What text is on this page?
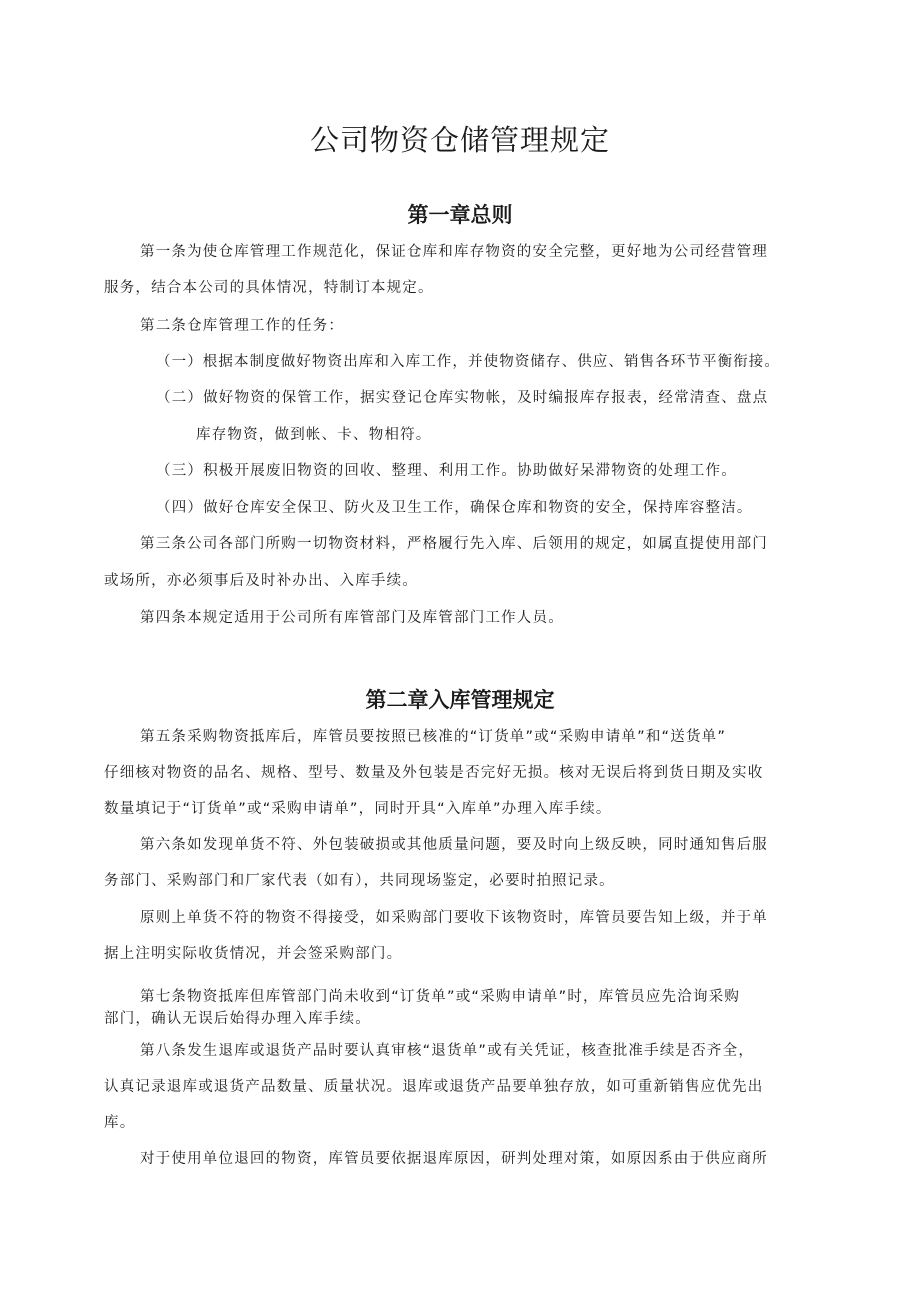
公司物资仓储管理规定
第一章总则
第一条为使仓库管理工作规范化，保证仓库和库存物资的安全完整，更好地为公司经营管理
服务，结合本公司的具体情况，特制订本规定。
第二条仓库管理工作的任务：
（一）根据本制度做好物资出库和入库工作，并使物资储存、供应、销售各环节平衡衔接。
（二）做好物资的保管工作，据实登记仓库实物帐，及时编报库存报表，经常清查、盘点
库存物资，做到帐、卡、物相符。
（三）积极开展废旧物资的回收、整理、利用工作。协助做好呆滞物资的处理工作。
（四）做好仓库安全保卫、防火及卫生工作，确保仓库和物资的安全，保持库容整洁。
第三条公司各部门所购一切物资材料，严格履行先入库、后领用的规定，如属直提使用部门
或场所，亦必须事后及时补办出、入库手续。
第四条本规定适用于公司所有库管部门及库管部门工作人员。
第二章入库管理规定
第五条采购物资抵库后，库管员要按照已核准的“订货单”或“采购申请单”和“送货单”
仔细核对物资的品名、规格、型号、数量及外包装是否完好无损。核对无误后将到货日期及实收
数量填记于“订货单”或“采购申请单”，同时开具“入库单”办理入库手续。
第六条如发现单货不符、外包装破损或其他质量问题，要及时向上级反映，同时通知售后服
务部门、采购部门和厂家代表（如有），共同现场鉴定，必要时拍照记录。
原则上单货不符的物资不得接受，如采购部门要收下该物资时，库管员要告知上级，并于单
据上注明实际收货情况，并会签采购部门。
第七条物资抵库但库管部门尚未收到“订货单”或“采购申请单”时，库管员应先洽询采购
部门，确认无误后始得办理入库手续。
第八条发生退库或退货产品时要认真审核“退货单”或有关凭证，核查批准手续是否齐全，
认真记录退库或退货产品数量、质量状况。退库或退货产品要单独存放，如可重新销售应优先出
库。
对于使用单位退回的物资，库管员要依据退库原因，研判处理对策，如原因系由于供应商所
